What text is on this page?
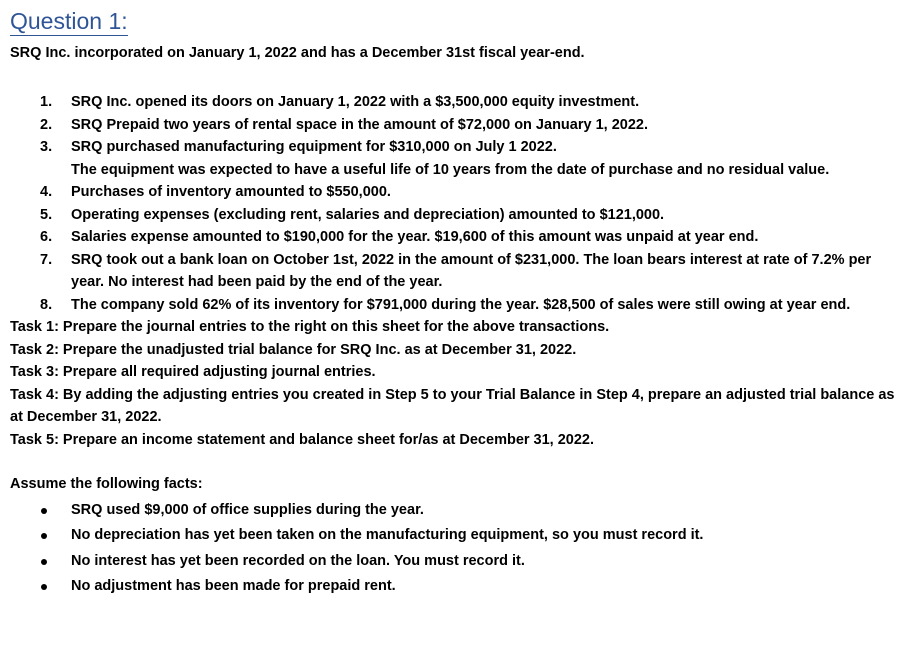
Question 1:
SRQ Inc. incorporated on January 1, 2022 and has a December 31st fiscal year-end.
1. SRQ Inc. opened its doors on January 1, 2022 with a $3,500,000 equity investment.
2. SRQ Prepaid two years of rental space in the amount of $72,000 on January 1, 2022.
3. SRQ purchased manufacturing equipment for $310,000 on July 1 2022.
The equipment was expected to have a useful life of 10 years from the date of purchase and no residual value.
4. Purchases of inventory amounted to $550,000.
5. Operating expenses (excluding rent, salaries and depreciation) amounted to $121,000.
6. Salaries expense amounted to $190,000 for the year. $19,600 of this amount was unpaid at year end.
7. SRQ took out a bank loan on October 1st, 2022 in the amount of $231,000. The loan bears interest at rate of 7.2% per year. No interest had been paid by the end of the year.
8. The company sold 62% of its inventory for $791,000 during the year. $28,500 of sales were still owing at year end.

Task 1: Prepare the journal entries to the right on this sheet for the above transactions.

Task 2: Prepare the unadjusted trial balance for SRQ Inc. as at December 31, 2022.

Task 3: Prepare all required adjusting journal entries.

Task 4: By adding the adjusting entries you created in Step 5 to your Trial Balance in Step 4, prepare an adjusted trial balance as at December 31, 2022.

Task 5: Prepare an income statement and balance sheet for/as at December 31, 2022.

Assume the following facts:
SRQ used $9,000 of office supplies during the year.
No depreciation has yet been taken on the manufacturing equipment, so you must record it.
No interest has yet been recorded on the loan. You must record it.
No adjustment has been made for prepaid rent.
